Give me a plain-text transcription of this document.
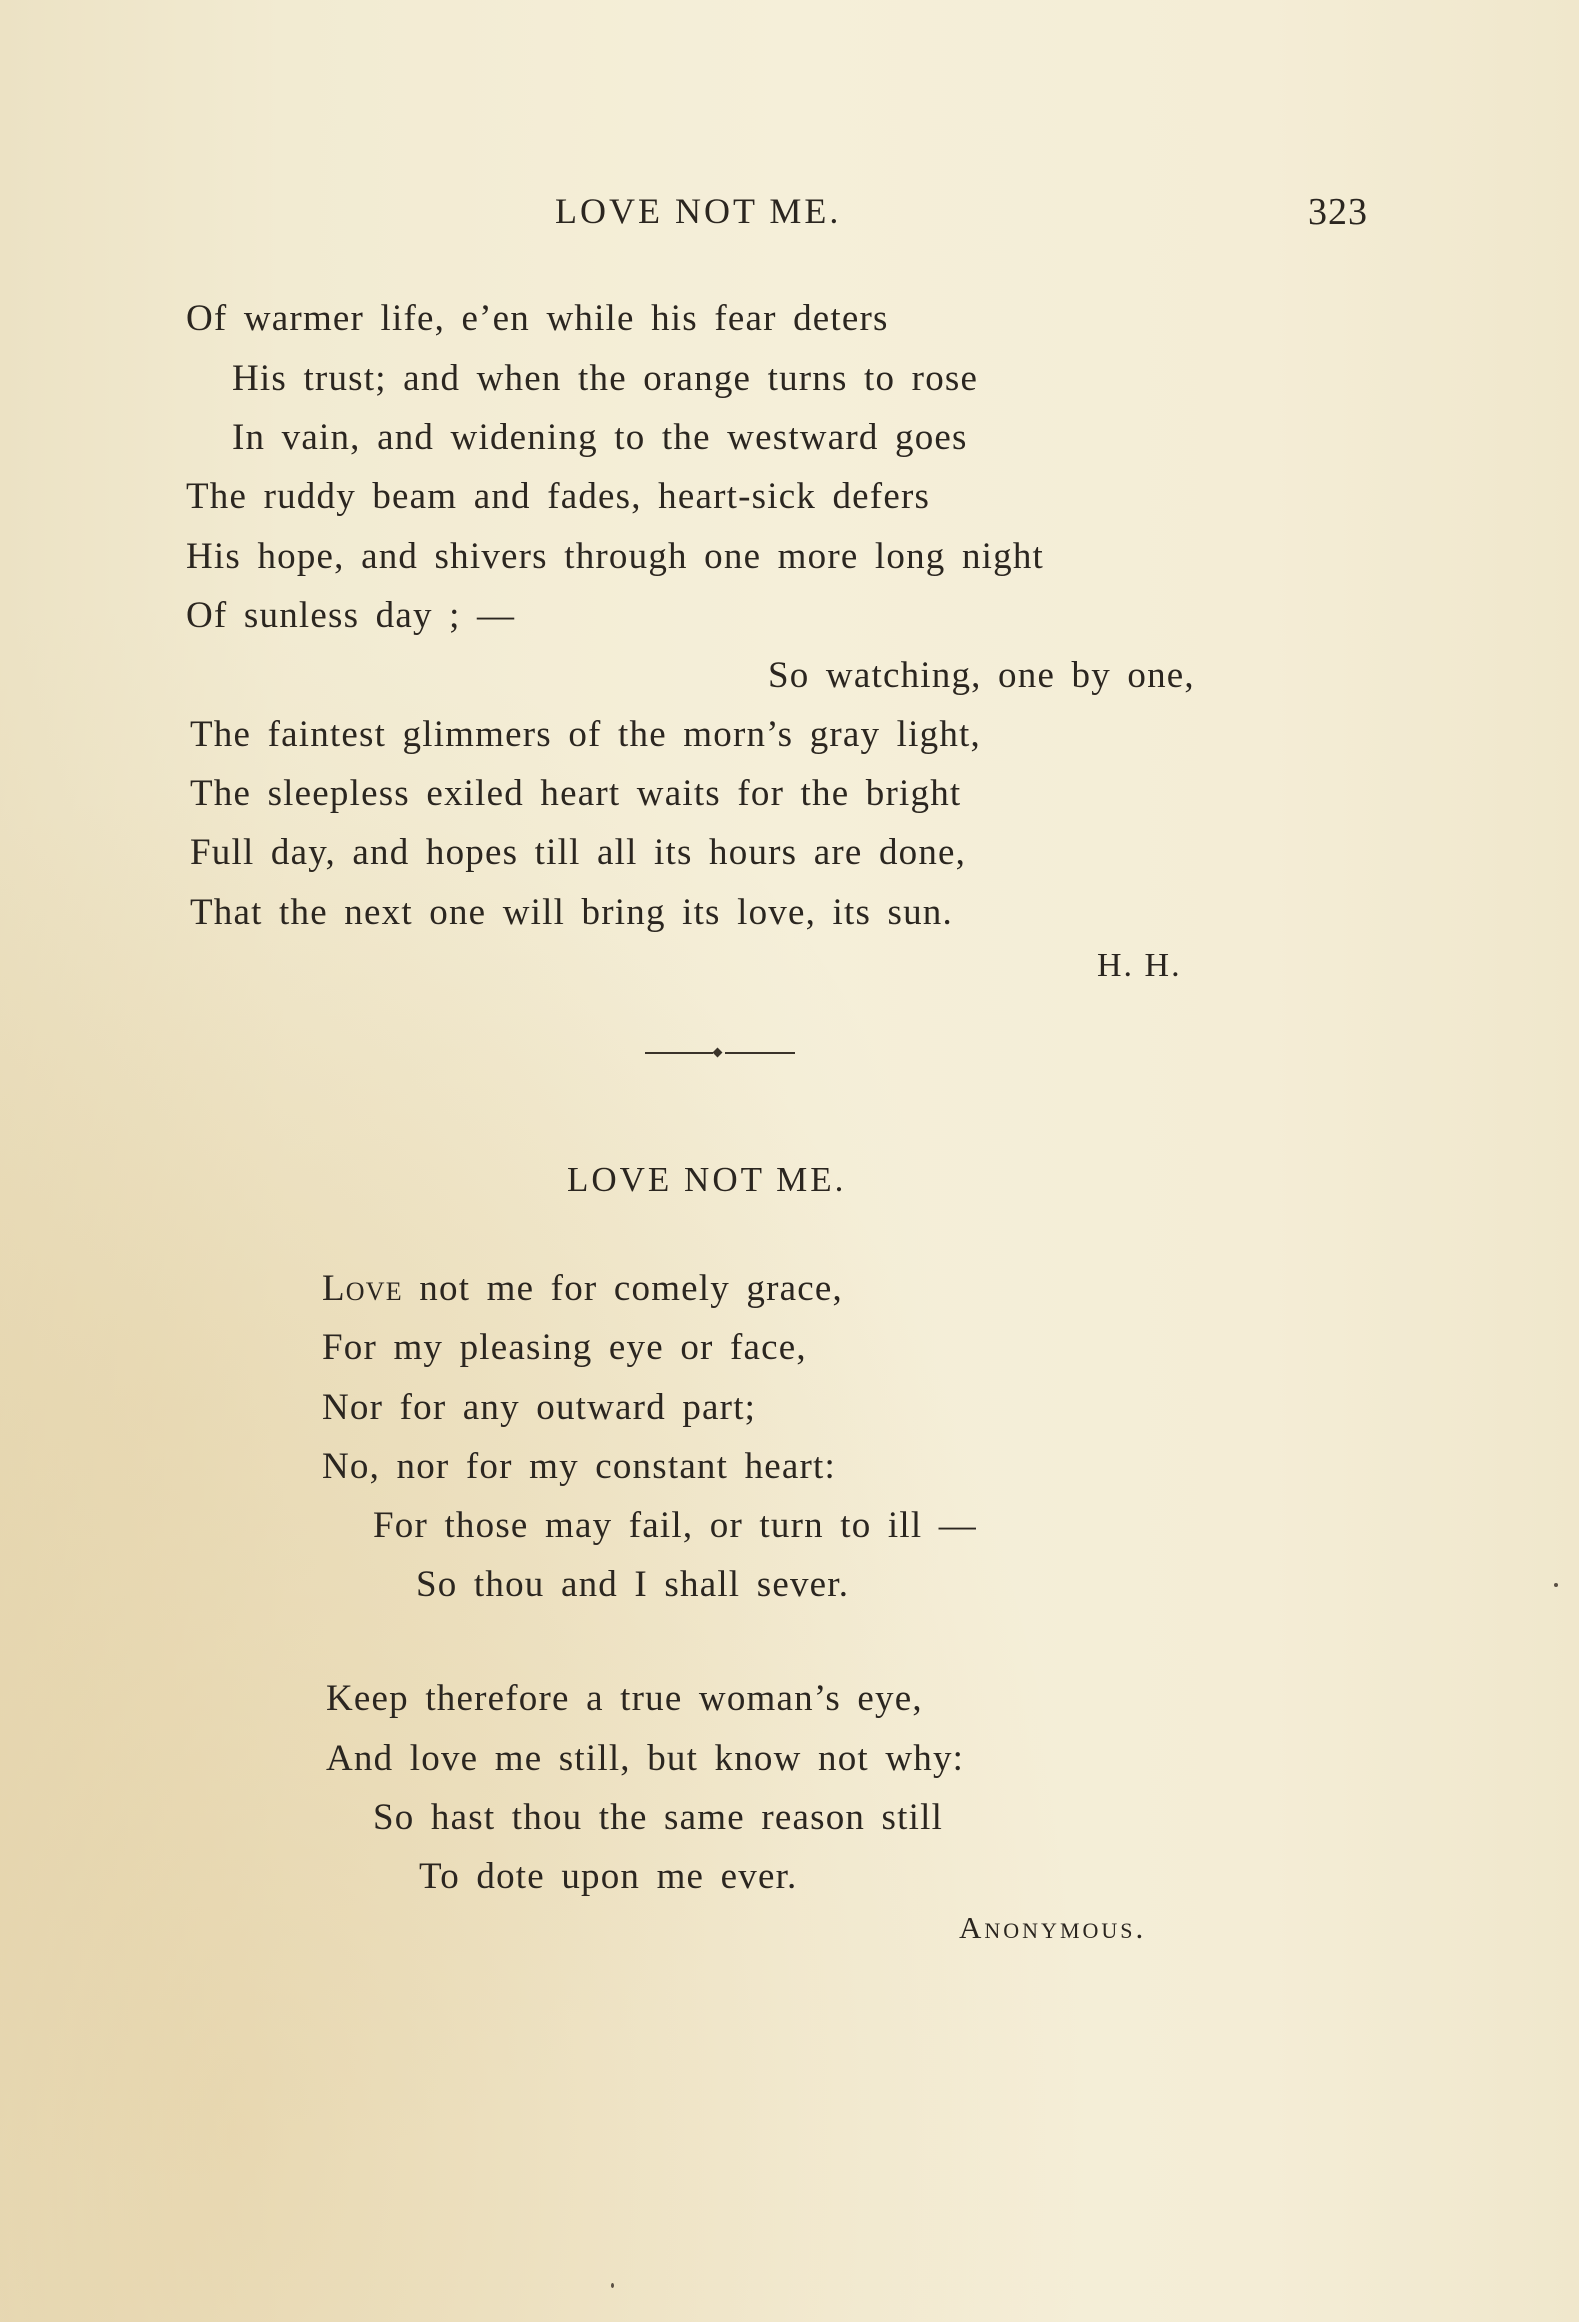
LOVE NOT ME.	323
Of warmer life, e’en while his fear deters
His trust; and when the orange turns to rose
In vain, and widening to the westward goes
The ruddy beam and fades, heart-sick defers
His hope, and shivers through one more long night
Of sunless day ; —
So watching, one by one,
The faintest glimmers of the morn’s gray light,
The sleepless exiled heart waits for the bright
Full day, and hopes till all its hours are done,
That the next one will bring its love, its sun.
H. H.
LOVE NOT ME.
Love not me for comely grace,
For my pleasing eye or face,
Nor for any outward part;
No, nor for my constant heart:
For those may fail, or turn to ill —
So thou and I shall sever.
Keep therefore a true woman’s eye,
And love me still, but know not why:
So hast thou the same reason still
To dote upon me ever.
Anonymous.
